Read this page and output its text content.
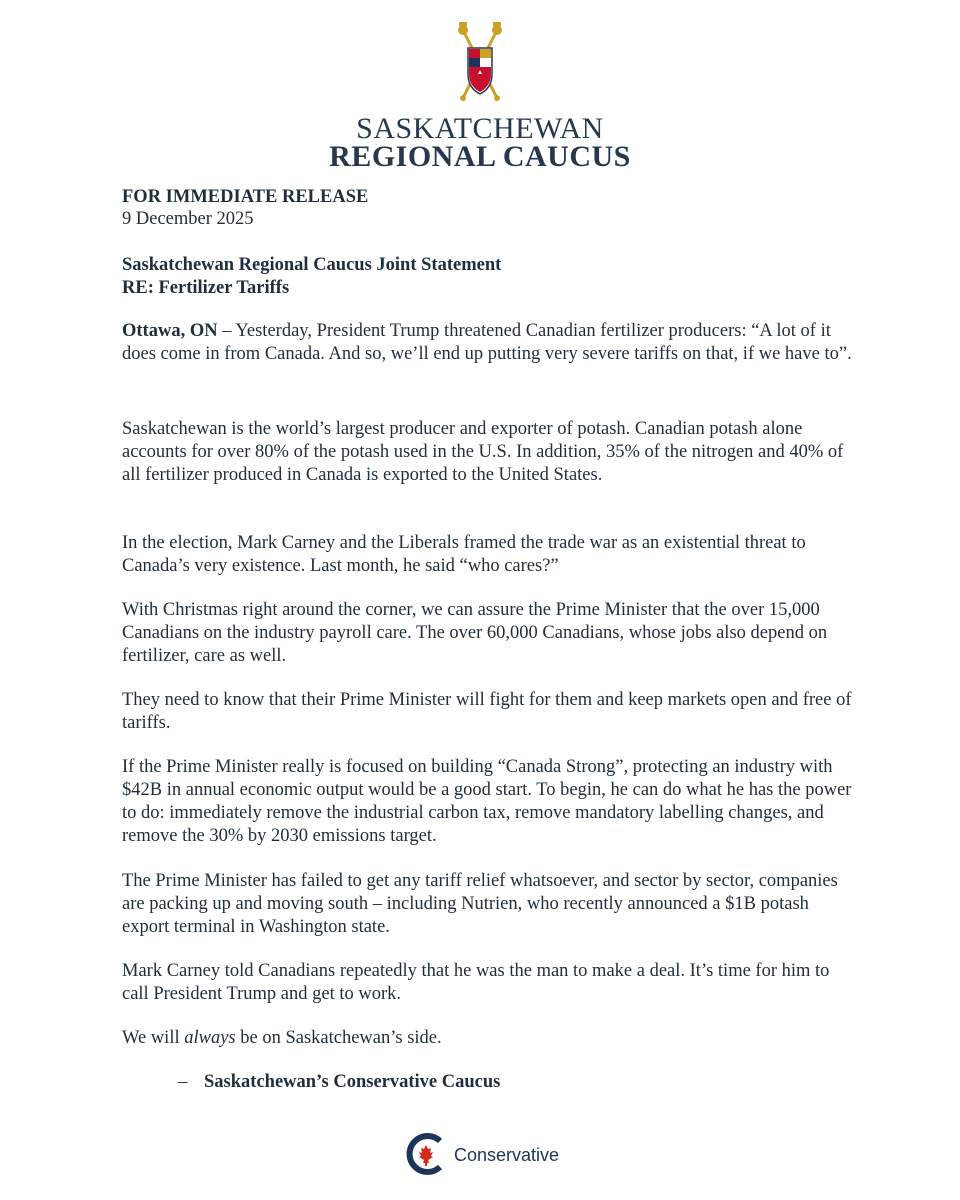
SASKATCHEWAN
REGIONAL CAUCUS
FOR IMMEDIATE RELEASE
9 December 2025
Saskatchewan Regional Caucus Joint Statement
RE: Fertilizer Tariffs
Ottawa, ON – Yesterday, President Trump threatened Canadian fertilizer producers: “A lot of it does come in from Canada. And so, we’ll end up putting very severe tariffs on that, if we have to”.
Saskatchewan is the world’s largest producer and exporter of potash. Canadian potash alone accounts for over 80% of the potash used in the U.S. In addition, 35% of the nitrogen and 40% of all fertilizer produced in Canada is exported to the United States.
In the election, Mark Carney and the Liberals framed the trade war as an existential threat to Canada’s very existence. Last month, he said “who cares?”
With Christmas right around the corner, we can assure the Prime Minister that the over 15,000 Canadians on the industry payroll care. The over 60,000 Canadians, whose jobs also depend on fertilizer, care as well.
They need to know that their Prime Minister will fight for them and keep markets open and free of tariffs.
If the Prime Minister really is focused on building “Canada Strong”, protecting an industry with $42B in annual economic output would be a good start. To begin, he can do what he has the power to do: immediately remove the industrial carbon tax, remove mandatory labelling changes, and remove the 30% by 2030 emissions target.
The Prime Minister has failed to get any tariff relief whatsoever, and sector by sector, companies are packing up and moving south – including Nutrien, who recently announced a $1B potash export terminal in Washington state.
Mark Carney told Canadians repeatedly that he was the man to make a deal. It’s time for him to call President Trump and get to work.
We will always be on Saskatchewan’s side.
– Saskatchewan’s Conservative Caucus
Conservative
